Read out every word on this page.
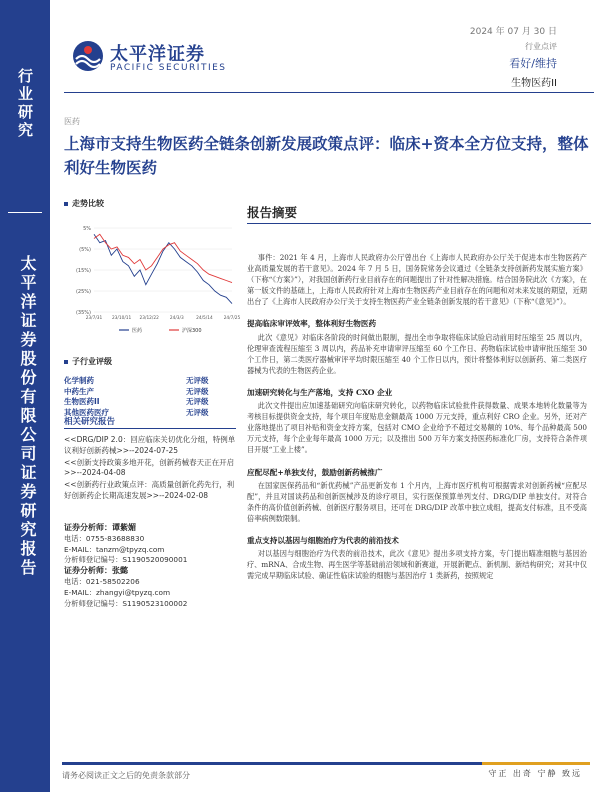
行业研究
太平洋证券股份有限公司证券研究报告
太平洋证券
PACIFIC SECURITIES
2024 年 07 月 30 日
行业点评
看好/维持
生物医药II
医药
上海市支持生物医药全链条创新发展政策点评：临床+资本全方位支持，整体利好生物医药
走势比较
5%
(5%)
(15%)
(25%)
(35%)
23/7/31 23/10/11 23/12/22	24/3/3	24/5/14	24/7/25
医药	沪深300
子行业评级
化学制药	无评级
中药生产	无评级
生物医药II	无评级
其他医药医疗	无评级
相关研究报告
<<DRG/DIP 2.0：回应临床关切优化分组，特例单议利好创新药械>>--2024-07-25
<<创新支持政策多地开花，创新药械春天正在开启>>--2024-04-08
<<创新药行业政策点评：高质量创新化药先行，利好创新药企长期高速发展>>--2024-02-08
证券分析师：谭紫媚
电话：0755-83688830
E-MAIL：tanzm@tpyzq.com
分析师登记编号：S1190520090001
证券分析师：张懿
电话：021-58502206
E-MAIL：zhangyi@tpyzq.com
分析师登记编号：S1190523100002
报告摘要

事件：2021 年 4 月，上海市人民政府办公厅曾出台《上海市人民政府办公厅关于促进本市生物医药产业高质量发展的若干意见》。2024 年 7 月 5 日，国务院常务会议通过《全链条支持创新药发展实施方案》（下称“《方案》”），对我国创新药行业目前存在的问题提出了针对性解决措施。结合国务院此次《方案》，在第一版文件的基础上，上海市人民政府针对上海市生物医药产业目前存在的问题和对未来发展的期望，近期出台了《上海市人民政府办公厅关于支持生物医药产业全链条创新发展的若干意见》（下称“《意见》”）。

提高临床审评效率，整体利好生物医药

此次《意见》对临床各阶段的时间做出限制，提出全市争取将临床试验启动前用时压缩至 25 周以内，伦理审查流程压缩至 3 周以内，药品补充申请审评压缩至 60 个工作日、药物临床试验申请审批压缩至 30 个工作日，第二类医疗器械审评平均时限压缩至 40 个工作日以内，预计将整体利好以创新药、第二类医疗器械为代表的生物医药企业。

加速研究转化与生产落地，支持 CXO 企业

此次文件提出应加速基础研究向临床研究转化，以药物临床试验批件获得数量、成果本地转化数量等为考核目标提供资金支持，每个项目年度贴息金额最高 1000 万元支持，重点利好 CRO 企业。另外，还对产业落地提出了项目补贴和资金支持方案，包括对 CMO 企业给予不超过交易额的 10%、每个品种最高 500 万元支持，每个企业每年最高 1000 万元；以及推出 500 万年方案支持医药标准化厂房，支持符合条件项目开展“工业上楼”。

应配尽配+单独支付，鼓励创新药械推广

在国家医保药品和“新优药械”产品更新发布 1 个月内，上海市医疗机构可根据需求对创新药械“应配尽配”，并且对国谈药品和创新医械涉及的诊疗项目，实行医保预算单列支付、DRG/DIP 单独支付。对符合条件的高价值创新药械、创新医疗服务项目，还可在 DRG/DIP 改革中独立成组，提高支付标准，且不受高倍率病例数限制。

重点支持以基因与细胞治疗为代表的前沿技术

对以基因与细胞治疗为代表的前沿技术，此次《意见》提出多项支持方案，专门提出瞄准细胞与基因治疗、mRNA、合成生物、再生医学等基础前沿领域和新赛道，开展新靶点、新机制、新结构研究；对其中仅需完成早期临床试验、确证性临床试验的细胞与基因治疗 1 类新药，按照规定

请务必阅读正文之后的免责条款部分	守正 出奇 宁静 致远
